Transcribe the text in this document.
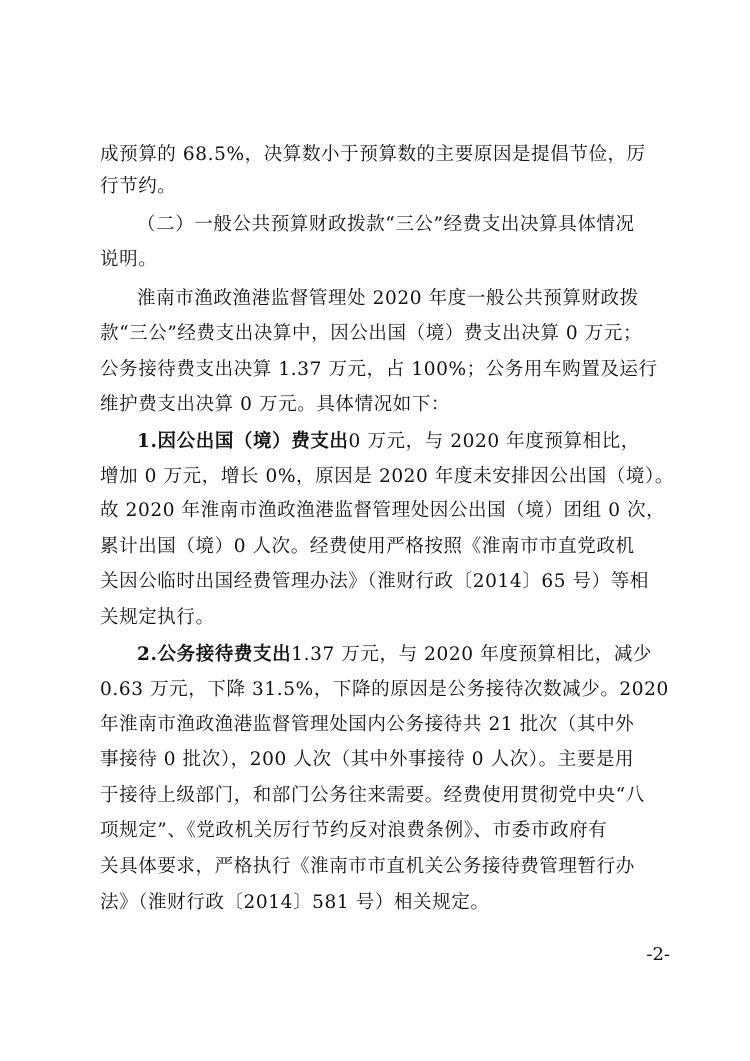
成预算的 68.5%，决算数小于预算数的主要原因是提倡节俭，厉
行节约。
（二）一般公共预算财政拨款“三公”经费支出决算具体情况
说明。
淮南市渔政渔港监督管理处 2020 年度一般公共预算财政拨
款“三公”经费支出决算中，因公出国（境）费支出决算 0 万元；
公务接待费支出决算 1.37 万元，占 100%；公务用车购置及运行
维护费支出决算 0 万元。具体情况如下：
1.因公出国（境）费支出0 万元，与 2020 年度预算相比，
增加 0 万元，增长 0%，原因是 2020 年度未安排因公出国（境）。
故 2020 年淮南市渔政渔港监督管理处因公出国（境）团组 0 次，
累计出国（境）0 人次。经费使用严格按照《淮南市市直党政机
关因公临时出国经费管理办法》（淮财行政〔2014〕65 号）等相
关规定执行。
2.公务接待费支出1.37 万元，与 2020 年度预算相比，减少
0.63 万元，下降 31.5%，下降的原因是公务接待次数减少。2020
年淮南市渔政渔港监督管理处国内公务接待共 21 批次（其中外
事接待 0 批次），200 人次（其中外事接待 0 人次）。主要是用
于接待上级部门，和部门公务往来需要。经费使用贯彻党中央“八
项规定”、《党政机关厉行节约反对浪费条例》、市委市政府有
关具体要求，严格执行《淮南市市直机关公务接待费管理暂行办
法》（淮财行政〔2014〕581 号）相关规定。
-2-
